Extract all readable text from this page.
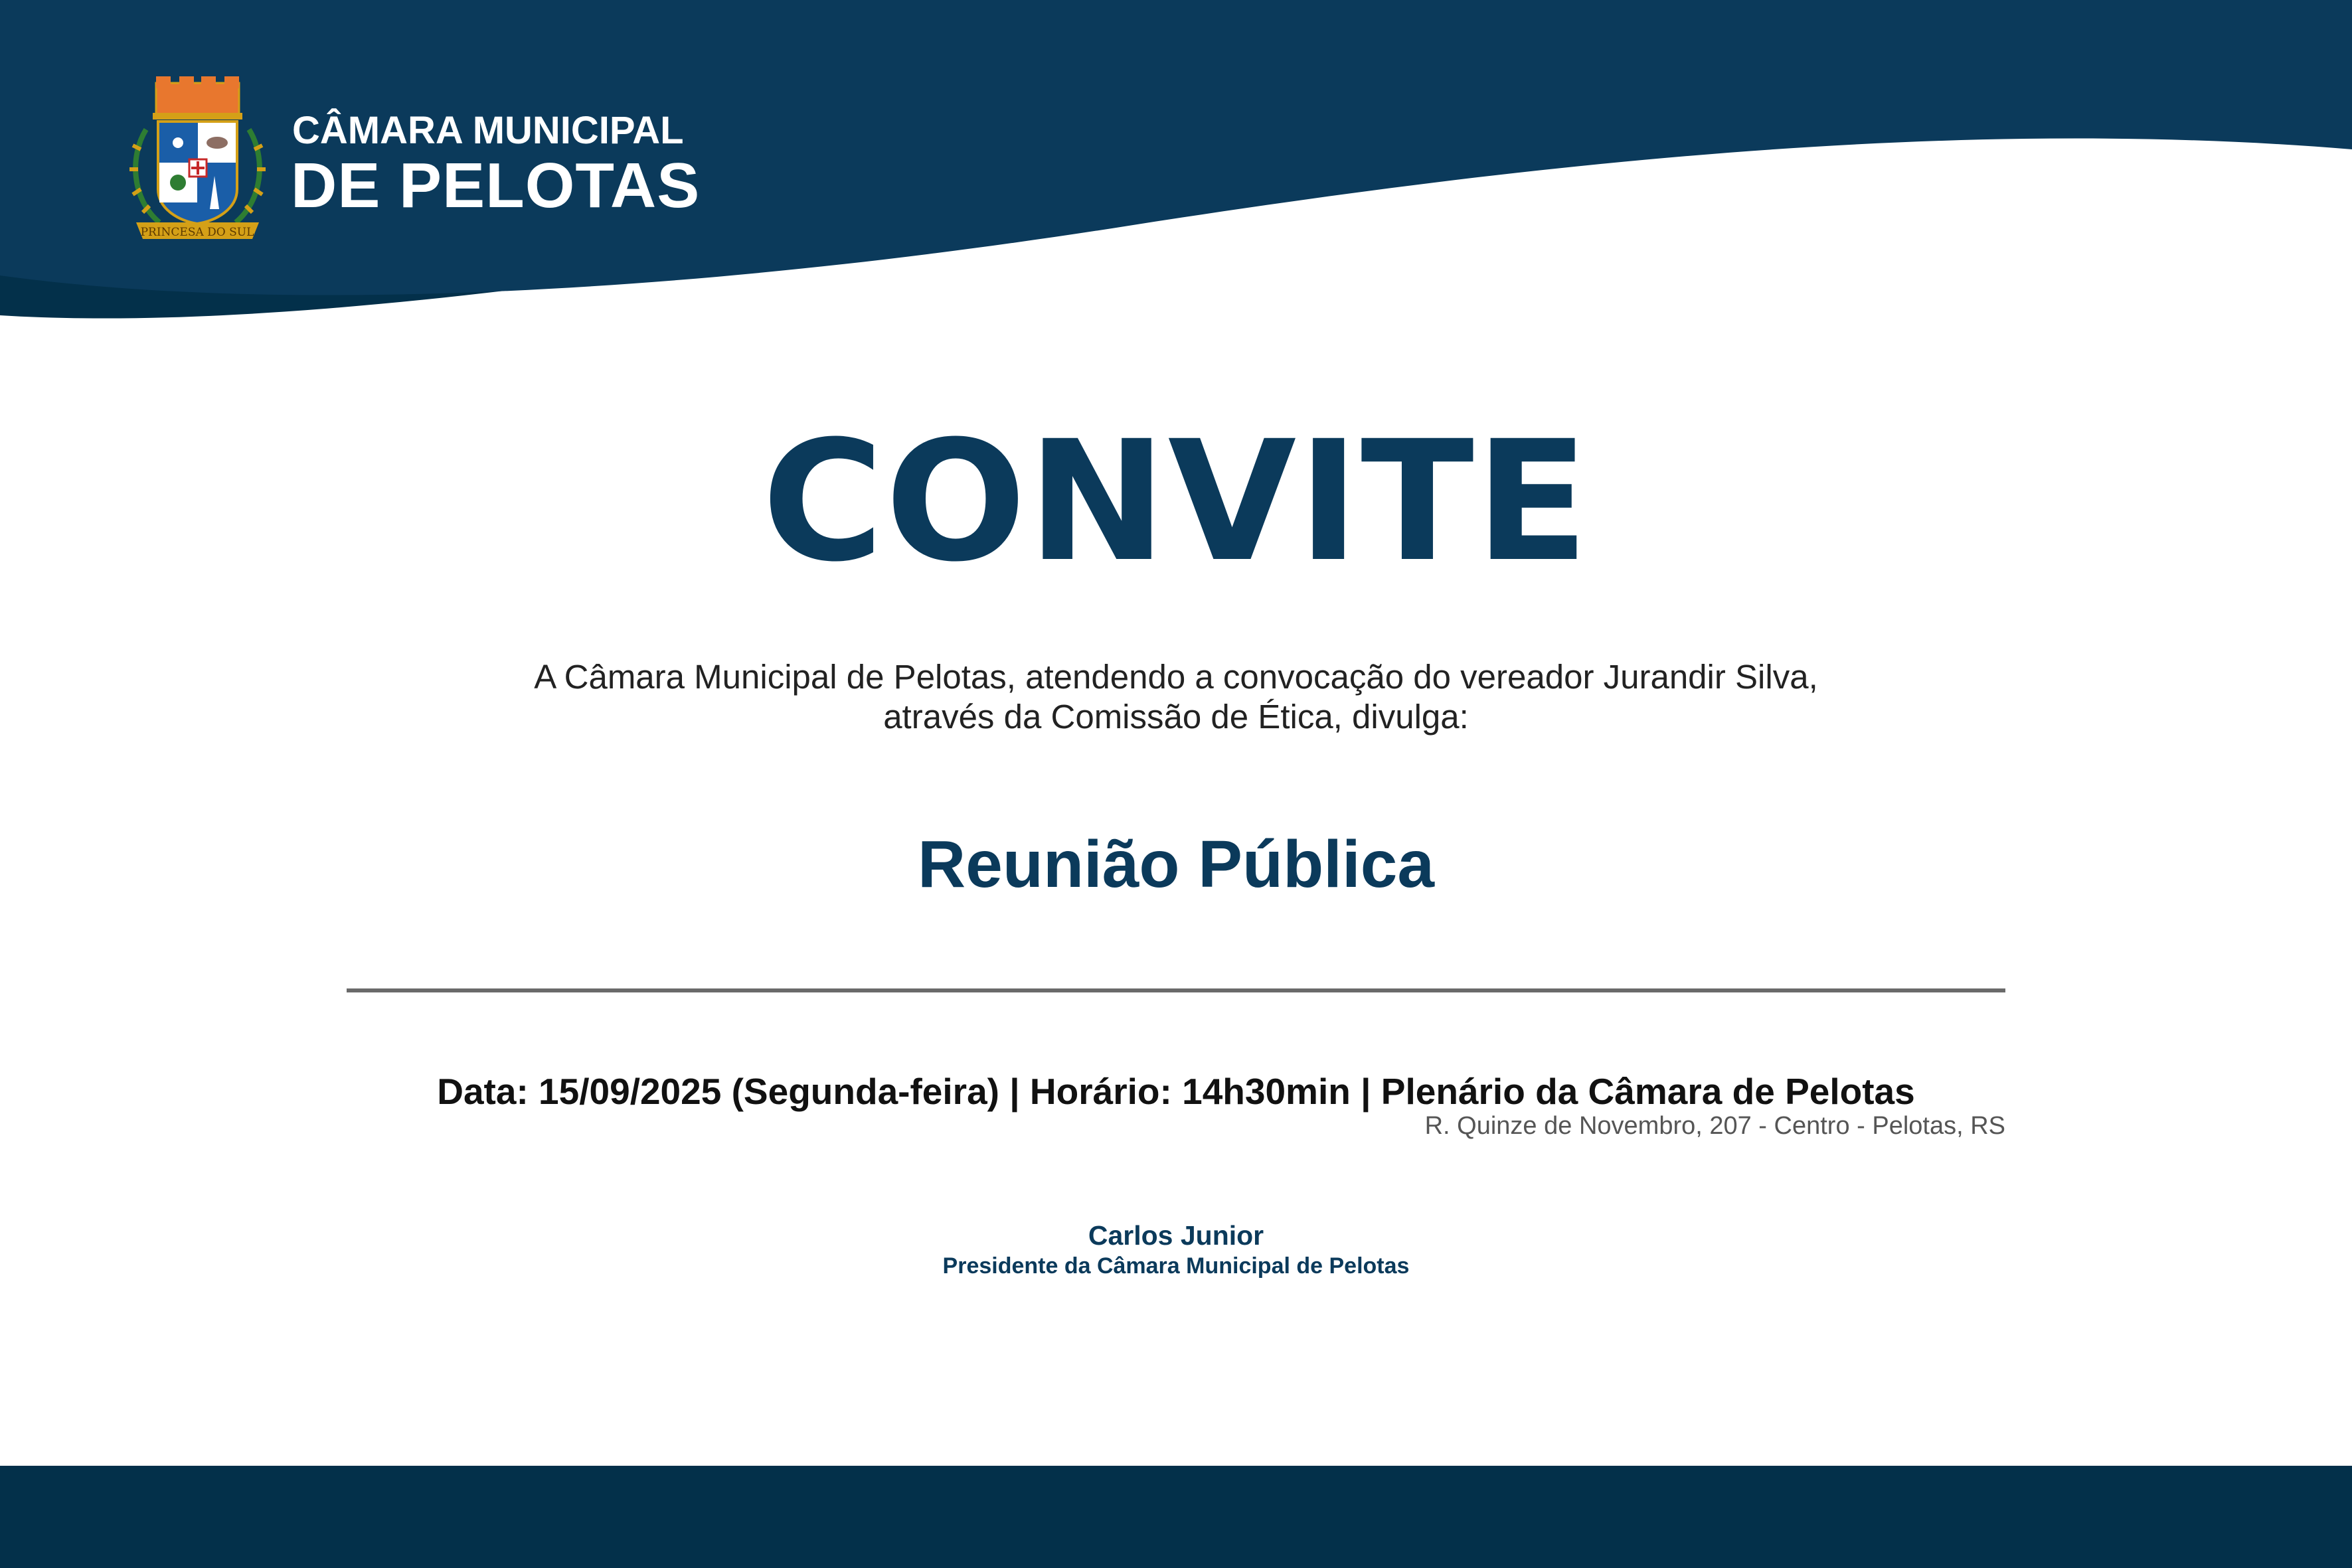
PRINCESA DO SUL
CÂMARA MUNICIPAL
DE PELOTAS
CONVITE
A Câmara Municipal de Pelotas, atendendo a convocação do vereador Jurandir Silva,
através da Comissão de Ética, divulga:
Reunião Pública
Data: 15/09/2025 (Segunda-feira) | Horário: 14h30min | Plenário da Câmara de Pelotas
R. Quinze de Novembro, 207 - Centro - Pelotas, RS
Carlos Junior
Presidente da Câmara Municipal de Pelotas
